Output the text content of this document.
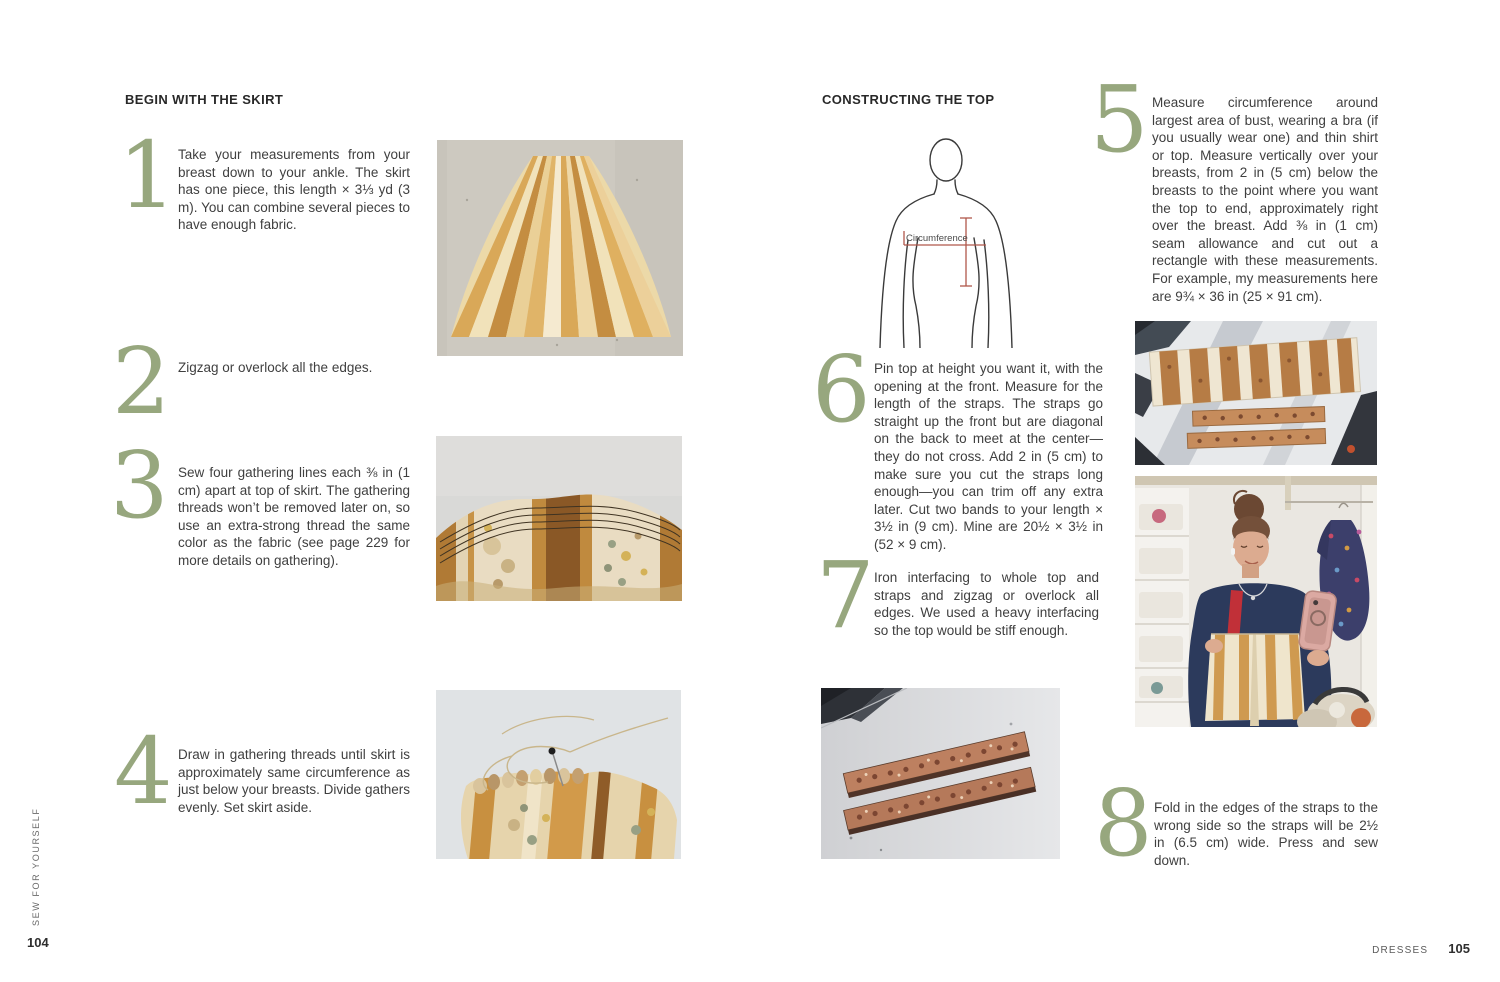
BEGIN WITH THE SKIRT
1 Take your measurements from your breast down to your ankle. The skirt has one piece, this length × 3⅓ yd (3 m). You can combine several pieces to have enough fabric.
2 Zigzag or overlock all the edges.
3 Sew four gathering lines each ⅜ in (1 cm) apart at top of skirt. The gathering threads won’t be removed later on, so use an extra-strong thread the same color as the fabric (see page 229 for more details on gathering).
4 Draw in gathering threads until skirt is approximately same circumference as just below your breasts. Divide gathers evenly. Set skirt aside.
SEW FOR YOURSELF
104
CONSTRUCTING THE TOP
Circumference
5 Measure circumference around largest area of bust, wearing a bra (if you usually wear one) and thin shirt or top. Measure vertically over your breasts, from 2 in (5 cm) below the breasts to the point where you want the top to end, approximately right over the breast. Add ⅜ in (1 cm) seam allowance and cut out a rectangle with these measurements. For example, my measurements here are 9¾ × 36 in (25 × 91 cm).
6 Pin top at height you want it, with the opening at the front. Measure for the length of the straps. The straps go straight up the front but are diagonal on the back to meet at the center—they do not cross. Add 2 in (5 cm) to make sure you cut the straps long enough—you can trim off any extra later. Cut two bands to your length × 3½ in (9 cm). Mine are 20½ × 3½ in (52 × 9 cm).
7 Iron interfacing to whole top and straps and zigzag or overlock all edges. We used a heavy interfacing so the top would be stiff enough.
8 Fold in the edges of the straps to the wrong side so the straps will be 2½ in (6.5 cm) wide. Press and sew down.
DRESSES 105
